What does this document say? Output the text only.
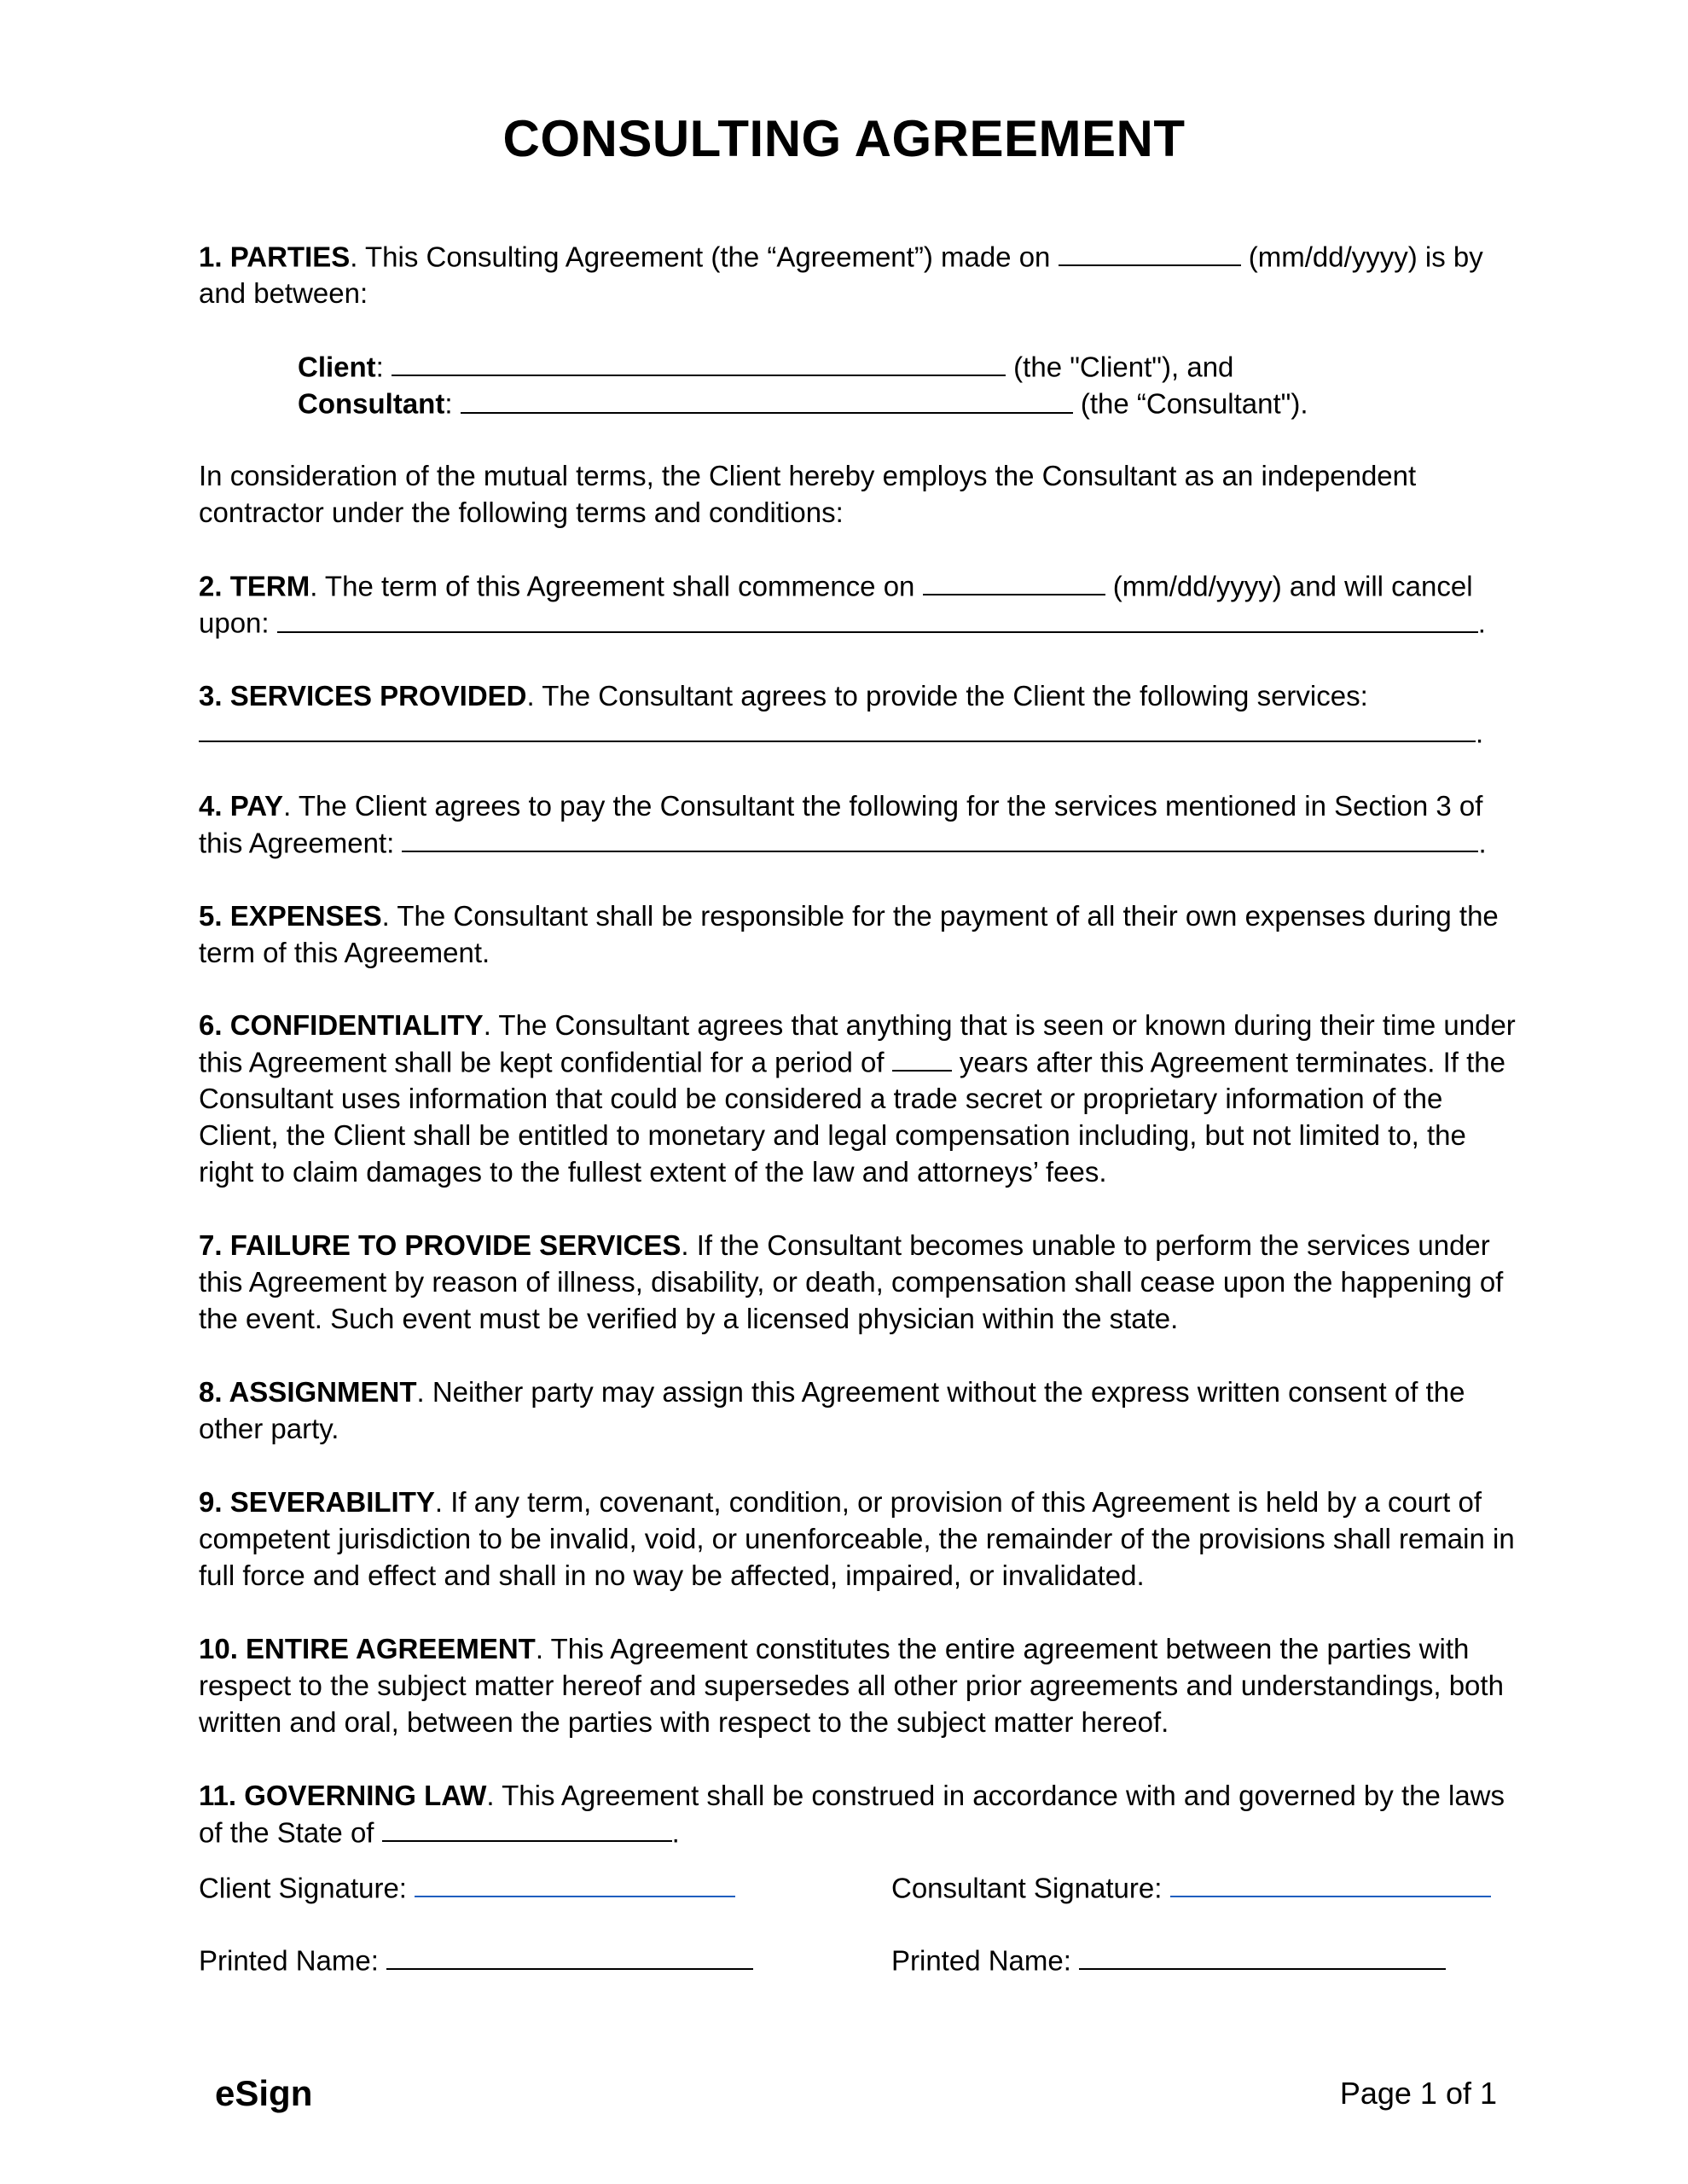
CONSULTING AGREEMENT
1. PARTIES. This Consulting Agreement (the “Agreement”) made on	(mm/dd/yyyy) is by
and between:
Client:	(the "Client"), and
Consultant:	(the “Consultant").
In consideration of the mutual terms, the Client hereby employs the Consultant as an independent
contractor under the following terms and conditions:
2. TERM. The term of this Agreement shall commence on	(mm/dd/yyyy) and will cancel
upon:	.
3. SERVICES PROVIDED. The Consultant agrees to provide the Client the following services:
.
4. PAY. The Client agrees to pay the Consultant the following for the services mentioned in Section 3 of
this Agreement:	.
5. EXPENSES. The Consultant shall be responsible for the payment of all their own expenses during the
term of this Agreement.
6. CONFIDENTIALITY. The Consultant agrees that anything that is seen or known during their time under
this Agreement shall be kept confidential for a period of  years after this Agreement terminates. If the
Consultant uses information that could be considered a trade secret or proprietary information of the
Client, the Client shall be entitled to monetary and legal compensation including, but not limited to, the
right to claim damages to the fullest extent of the law and attorneys’ fees.
7. FAILURE TO PROVIDE SERVICES. If the Consultant becomes unable to perform the services under
this Agreement by reason of illness, disability, or death, compensation shall cease upon the happening of
the event. Such event must be verified by a licensed physician within the state.
8. ASSIGNMENT. Neither party may assign this Agreement without the express written consent of the
other party.
9. SEVERABILITY. If any term, covenant, condition, or provision of this Agreement is held by a court of
competent jurisdiction to be invalid, void, or unenforceable, the remainder of the provisions shall remain in
full force and effect and shall in no way be affected, impaired, or invalidated.
10. ENTIRE AGREEMENT. This Agreement constitutes the entire agreement between the parties with
respect to the subject matter hereof and supersedes all other prior agreements and understandings, both
written and oral, between the parties with respect to the subject matter hereof.
11. GOVERNING LAW. This Agreement shall be construed in accordance with and governed by the laws
of the State of	.
Client Signature:	Consultant Signature:
Printed Name:	Printed Name:
eSign	Page 1 of 1
